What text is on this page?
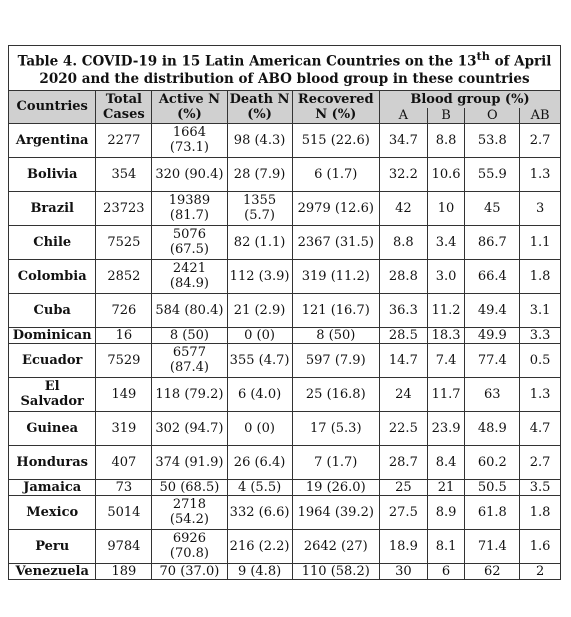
Table 4. COVID-19 in 15 Latin American Countries on the 13th of April
2020 and the distribution of ABO blood group in these countries								
Countries	Total Cases	Active N (%)	Death N (%)	Recovered N (%)	Blood group (%)			
					A	B	O	AB
Argentina	2277	1664 (73.1)	98 (4.3)	515 (22.6)	34.7	8.8	53.8	2.7
Bolivia	354	320 (90.4)	28 (7.9)	6 (1.7)	32.2	10.6	55.9	1.3
Brazil	23723	19389 (81.7)	1355 (5.7)	2979 (12.6)	42	10	45	3
Chile	7525	5076 (67.5)	82 (1.1)	2367 (31.5)	8.8	3.4	86.7	1.1
Colombia	2852	2421 (84.9)	112 (3.9)	319 (11.2)	28.8	3.0	66.4	1.8
Cuba	726	584 (80.4)	21 (2.9)	121 (16.7)	36.3	11.2	49.4	3.1
Dominican	16	8 (50)	0 (0)	8 (50)	28.5	18.3	49.9	3.3
Ecuador	7529	6577 (87.4)	355 (4.7)	597 (7.9)	14.7	7.4	77.4	0.5
El Salvador	149	118 (79.2)	6 (4.0)	25 (16.8)	24	11.7	63	1.3
Guinea	319	302 (94.7)	0 (0)	17 (5.3)	22.5	23.9	48.9	4.7
Honduras	407	374 (91.9)	26 (6.4)	7 (1.7)	28.7	8.4	60.2	2.7
Jamaica	73	50 (68.5)	4 (5.5)	19 (26.0)	25	21	50.5	3.5
Mexico	5014	2718 (54.2)	332 (6.6)	1964 (39.2)	27.5	8.9	61.8	1.8
Peru	9784	6926 (70.8)	216 (2.2)	2642 (27)	18.9	8.1	71.4	1.6
Venezuela	189	70 (37.0)	9 (4.8)	110 (58.2)	30	6	62	2
